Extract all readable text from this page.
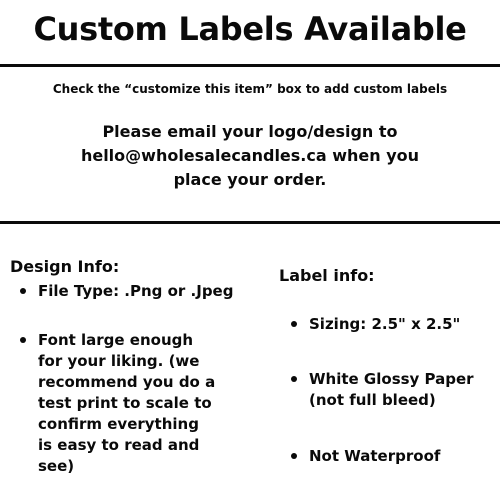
Custom Labels Available
Check the “customize this item” box to add custom labels
Please email your logo/design to hello@wholesalecandles.ca when you place your order.
Design Info:
File Type: .Png or .Jpeg
Font large enough for your liking. (we recommend you do a test print to scale to confirm everything is easy to read and see)
Label info:
Sizing: 2.5" x 2.5"
White Glossy Paper (not full bleed)
Not Waterproof
